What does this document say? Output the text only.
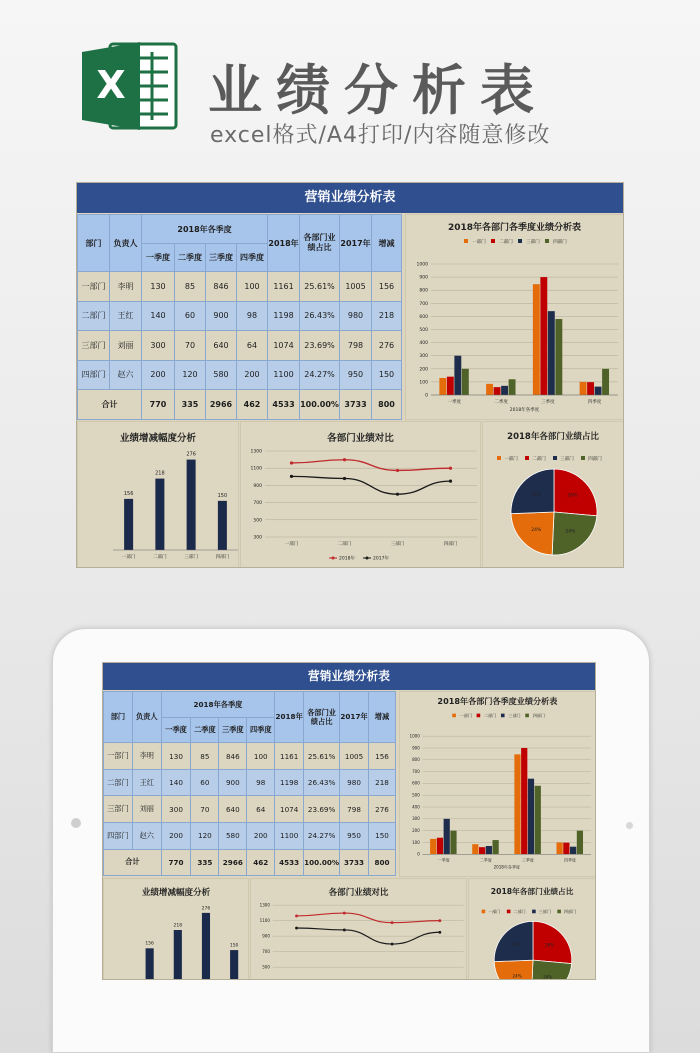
X 业绩分析表
excel格式/A4打印/内容随意修改
营销业绩分析表
部门	负责人	2018年各季度				2018年	各部门业绩占比	2017年	增减
		一季度	二季度	三季度	四季度				
一部门	李明	130	85	846	100	1161	25.61%	1005	156
二部门	王红	140	60	900	98	1198	26.43%	980	218
三部门	刘丽	300	70	640	64	1074	23.69%	798	276
四部门	赵六	200	120	580	200	1100	24.27%	950	150
合计		770	335	2966	462	4533	100.00%	3733	800
2018年各部门各季度业绩分析表
一部门	二部门	三部门	四部门
0
100
200
300
400
500
600
700
800
900
1000
一季度	二季度	三季度	四季度
2018年各季度
业绩增减幅度分析
156
一部门
218
二部门
276
三部门
150
四部门
各部门业绩对比
300
500
700
900
1100
1300
一部门	二部门	三部门	四部门
2018年	2017年
2018年各部门业绩占比
一部门	二部门	三部门	四部门
26%
24%
24%
26%
营销业绩分析表
部门	负责人	2018年各季度				2018年	各部门业绩占比	2017年	增减
		一季度	二季度	三季度	四季度				
一部门	李明	130	85	846	100	1161	25.61%	1005	156
二部门	王红	140	60	900	98	1198	26.43%	980	218
三部门	刘丽	300	70	640	64	1074	23.69%	798	276
四部门	赵六	200	120	580	200	1100	24.27%	950	150
合计		770	335	2966	462	4533	100.00%	3733	800
2018年各部门各季度业绩分析表
一部门	二部门	三部门	四部门
0
100
200
300
400
500
600
700
800
900
1000
一季度	二季度	三季度	四季度
2018年各季度
业绩增减幅度分析
156
218
276
150
各部门业绩对比
500
700
900
1100
1300
2018年各部门业绩占比
一部门	二部门	三部门	四部门
26%
24%
24%
26%
